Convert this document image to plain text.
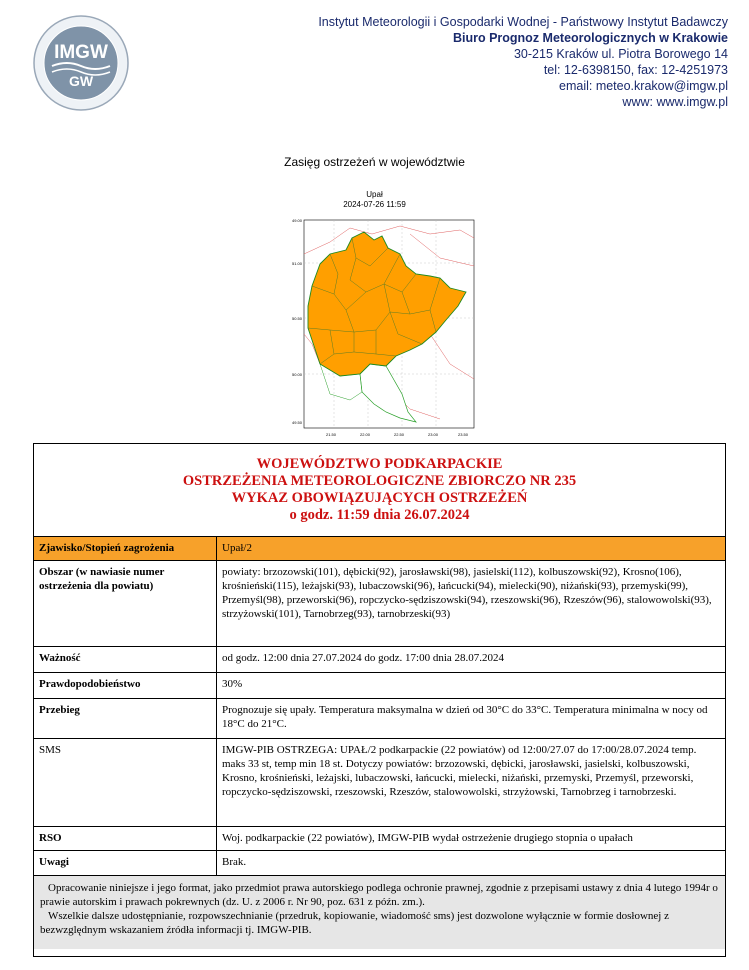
IMGW
GW
Instytut Meteorologii i Gospodarki Wodnej - Państwowy Instytut Badawczy
Biuro Prognoz Meteorologicznych w Krakowie
30-215 Kraków ul. Piotra Borowego 14
tel: 12-6398150, fax: 12-4251973
email: meteo.krakow@imgw.pl
www: www.imgw.pl
Zasięg ostrzeżeń w województwie
Upał
2024-07-26 11:59
51.00
50.50
50.00
49.50
49.00
21.50	22.00	22.50	23.00	23.50
WOJEWÓDZTWO PODKARPACKIE
OSTRZEŻENIA METEOROLOGICZNE ZBIORCZO NR 235
WYKAZ OBOWIĄZUJĄCYCH OSTRZEŻEŃ
o godz. 11:59 dnia 26.07.2024
Zjawisko/Stopień zagrożenia	Upał/2
Obszar (w nawiasie numer ostrzeżenia dla powiatu)	powiaty: brzozowski(101), dębicki(92), jarosławski(98), jasielski(112), kolbuszowski(92), Krosno(106), krośnieński(115), leżajski(93), lubaczowski(96), łańcucki(94), mielecki(90), niżański(93), przemyski(99), Przemyśl(98), przeworski(96), ropczycko-sędziszowski(94), rzeszowski(96), Rzeszów(96), stalowowolski(93), strzyżowski(101), Tarnobrzeg(93), tarnobrzeski(93)
Ważność	od godz. 12:00 dnia 27.07.2024 do godz. 17:00 dnia 28.07.2024
Prawdopodobieństwo	30%
Przebieg	Prognozuje się upały. Temperatura maksymalna w dzień od 30°C do 33°C. Temperatura minimalna w nocy od 18°C do 21°C.
SMS	IMGW-PIB OSTRZEGA: UPAŁ/2 podkarpackie (22 powiatów) od 12:00/27.07 do 17:00/28.07.2024 temp. maks 33 st, temp min 18 st. Dotyczy powiatów: brzozowski, dębicki, jarosławski, jasielski, kolbuszowski, Krosno, krośnieński, leżajski, lubaczowski, łańcucki, mielecki, niżański, przemyski, Przemyśl, przeworski, ropczycko-sędziszowski, rzeszowski, Rzeszów, stalowowolski, strzyżowski, Tarnobrzeg i tarnobrzeski.
RSO	Woj. podkarpackie (22 powiatów), IMGW-PIB wydał ostrzeżenie drugiego stopnia o upałach
Uwagi	Brak.
Opracowanie niniejsze i jego format, jako przedmiot prawa autorskiego podlega ochronie prawnej, zgodnie z przepisami ustawy z dnia 4 lutego 1994r o prawie autorskim i prawach pokrewnych (dz. U. z 2006 r. Nr 90, poz. 631 z późn. zm.).
Wszelkie dalsze udostępnianie, rozpowszechnianie (przedruk, kopiowanie, wiadomość sms) jest dozwolone wyłącznie w formie dosłownej z bezwzględnym wskazaniem źródła informacji tj. IMGW-PIB.
